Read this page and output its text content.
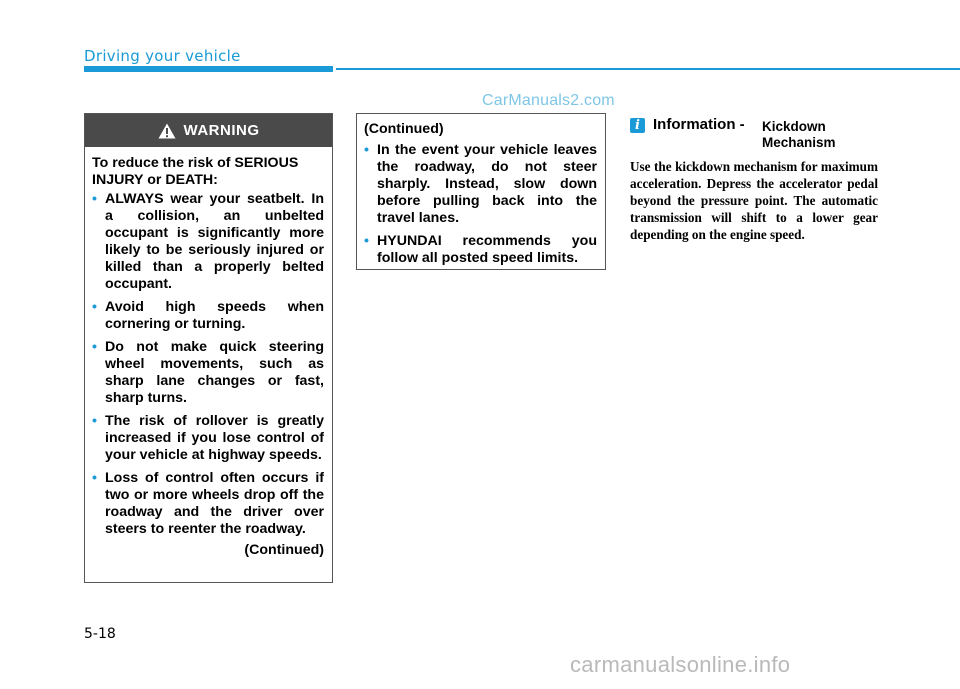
Driving your vehicle
CarManuals2.com
WARNING

To reduce the risk of SERIOUS INJURY or DEATH:

• ALWAYS wear your seatbelt. In a collision, an unbelted occupant is significantly more likely to be seriously injured or killed than a properly belted occupant.
• Avoid high speeds when cornering or turning.
• Do not make quick steering wheel movements, such as sharp lane changes or fast, sharp turns.
• The risk of rollover is greatly increased if you lose control of your vehicle at highway speeds.
• Loss of control often occurs if two or more wheels drop off the roadway and the driver over steers to reenter the roadway.
(Continued)

(Continued)

• In the event your vehicle leaves the roadway, do not steer sharply. Instead, slow down before pulling back into the travel lanes.
• HYUNDAI recommends you follow all posted speed limits.
i Information - Kickdown Mechanism
Use the kickdown mechanism for maximum acceleration. Depress the accelerator pedal beyond the pressure point. The automatic transmission will shift to a lower gear depending on the engine speed.
5-18
carmanualsonline.info
